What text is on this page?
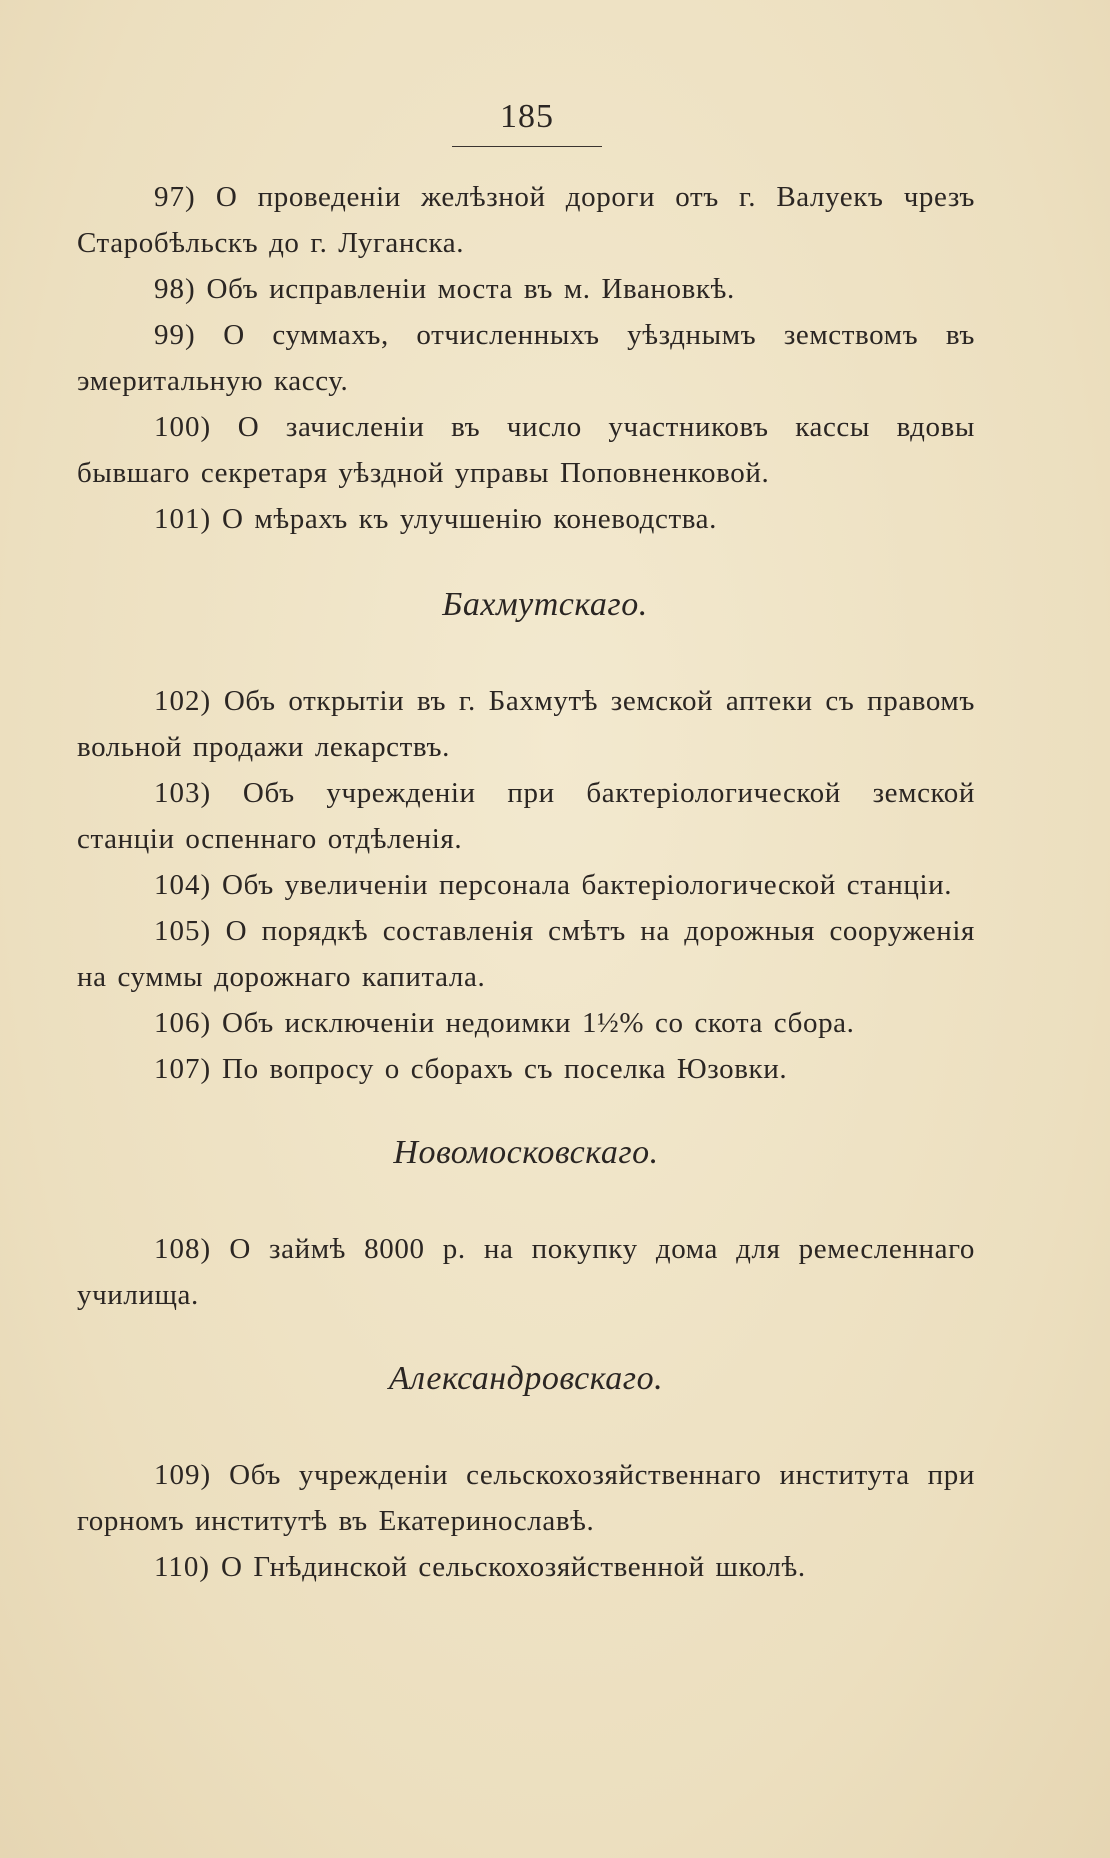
185

97) О проведеніи желѣзной дороги отъ г. Валуекъ чрезъ Старобѣльскъ до г. Луганска.

98) Объ исправленіи моста въ м. Ивановкѣ.

99) О суммахъ, отчисленныхъ уѣзднымъ земствомъ въ эмеритальную кассу.

100) О зачисленіи въ число участниковъ кассы вдовы бывшаго секретаря уѣздной управы Поповненковой.

101) О мѣрахъ къ улучшенію коневодства.

Бахмутскаго.

102) Объ открытіи въ г. Бахмутѣ земской аптеки съ правомъ вольной продажи лекарствъ.

103) Объ учрежденіи при бактеріологической земской станціи оспеннаго отдѣленія.

104) Объ увеличеніи персонала бактеріологической станціи.

105) О порядкѣ составленія смѣтъ на дорожныя сооруженія на суммы дорожнаго капитала.

106) Объ исключеніи недоимки 1½% со скота сбора.

107) По вопросу о сборахъ съ поселка Юзовки.

Новомосковскаго.

108) О займѣ 8000 р. на покупку дома для ремесленнаго училища.

Александровскаго.

109) Объ учрежденіи сельскохозяйственнаго института при горномъ институтѣ въ Екатеринославѣ.

110) О Гнѣдинской сельскохозяйственной школѣ.
